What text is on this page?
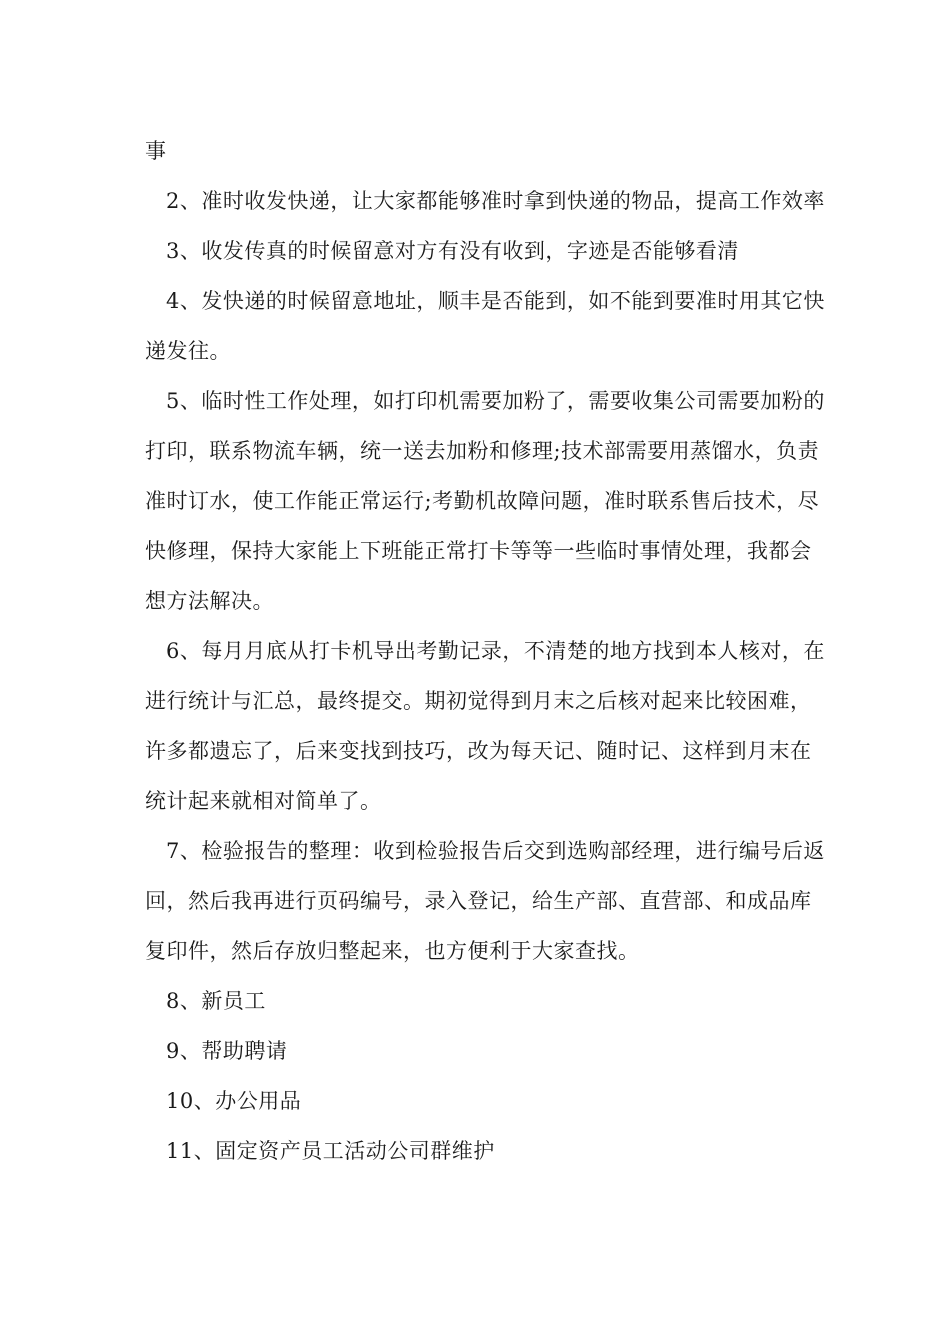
事

2、准时收发快递，让大家都能够准时拿到快递的物品，提高工作效率

3、收发传真的时候留意对方有没有收到，字迹是否能够看清

4、发快递的时候留意地址，顺丰是否能到，如不能到要准时用其它快递发往。

5、临时性工作处理，如打印机需要加粉了，需要收集公司需要加粉的打印，联系物流车辆，统一送去加粉和修理;技术部需要用蒸馏水，负责准时订水，使工作能正常运行;考勤机故障问题，准时联系售后技术，尽快修理，保持大家能上下班能正常打卡等等一些临时事情处理，我都会想方法解决。

6、每月月底从打卡机导出考勤记录，不清楚的地方找到本人核对，在进行统计与汇总，最终提交。期初觉得到月末之后核对起来比较困难，许多都遗忘了，后来变找到技巧，改为每天记、随时记、这样到月末在统计起来就相对简单了。

7、检验报告的整理：收到检验报告后交到选购部经理，进行编号后返回，然后我再进行页码编号，录入登记，给生产部、直营部、和成品库复印件，然后存放归整起来，也方便利于大家查找。

8、新员工

9、帮助聘请

10、办公用品

11、固定资产员工活动公司群维护
